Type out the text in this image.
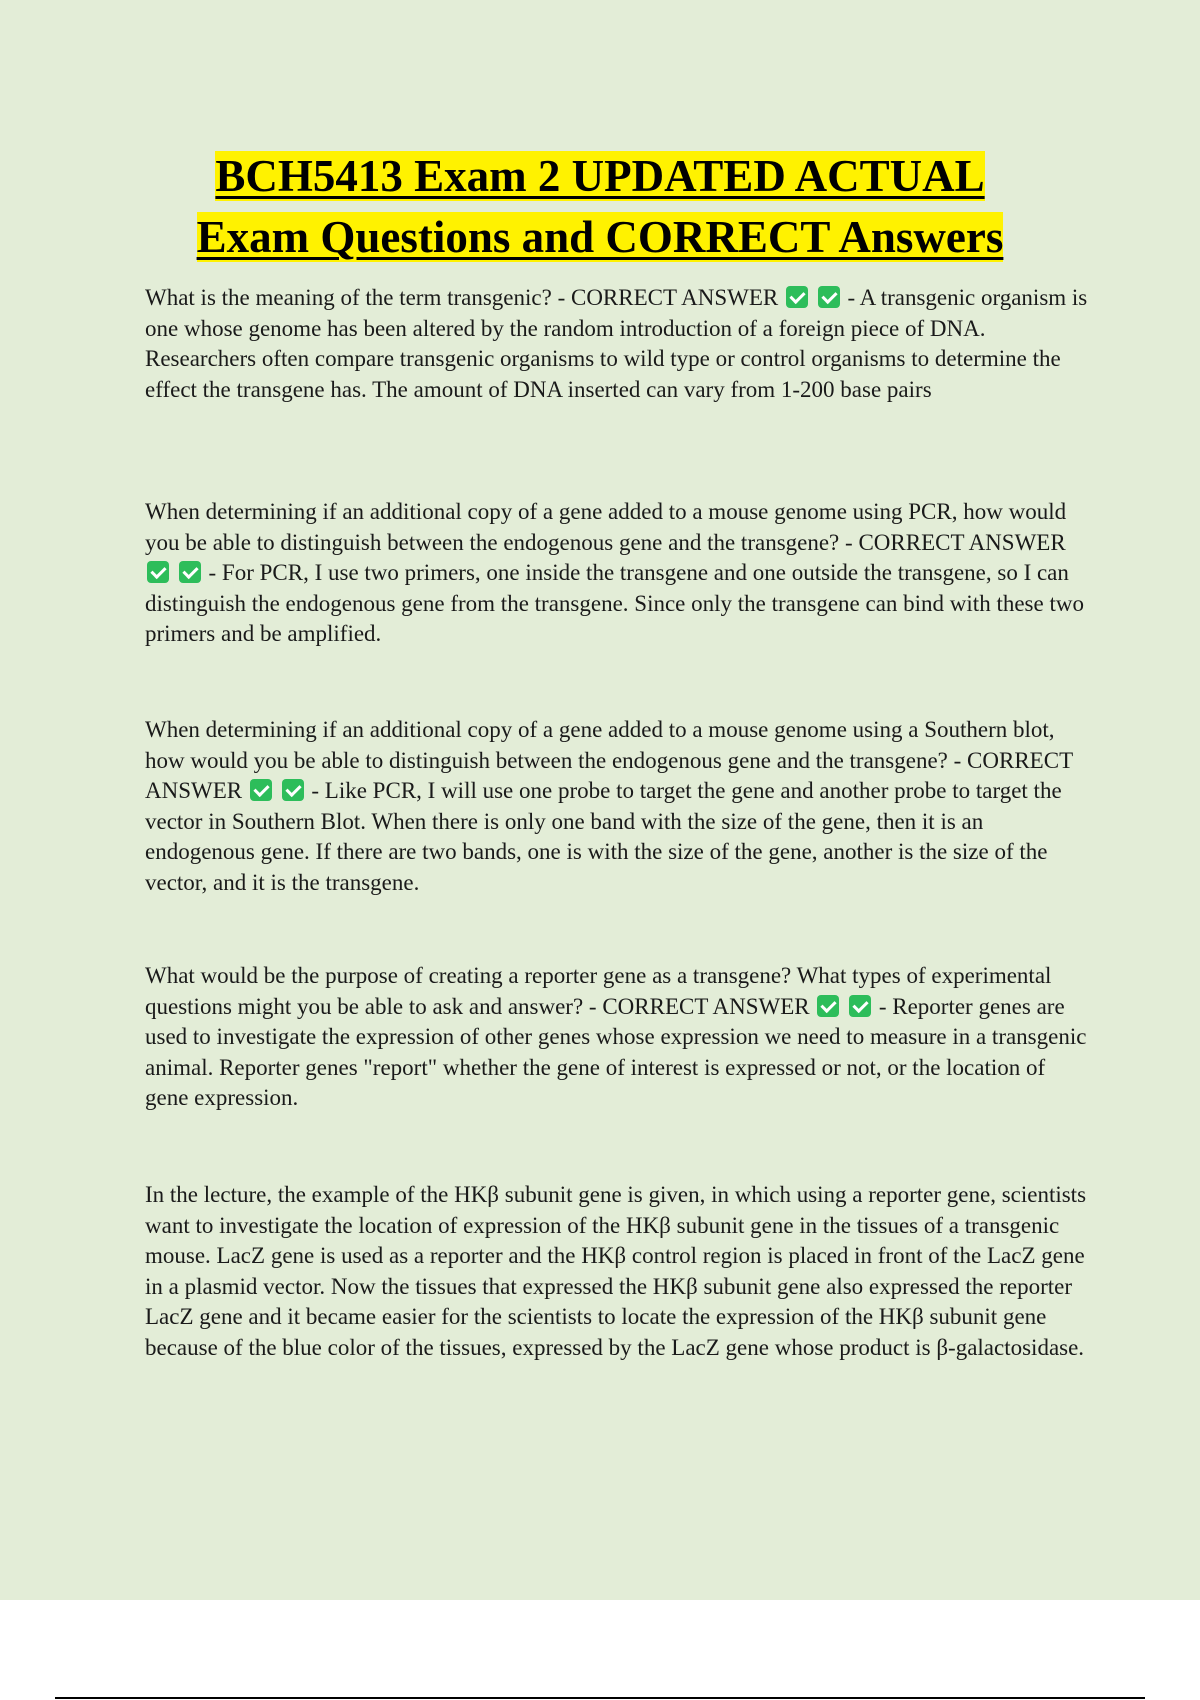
BCH5413 Exam 2 UPDATED ACTUAL
Exam Questions and CORRECT Answers

What is the meaning of the term transgenic? - CORRECT ANSWER	- A transgenic organism is one whose genome has been altered by the random introduction of a foreign piece of DNA. Researchers often compare transgenic organisms to wild type or control organisms to determine the effect the transgene has. The amount of DNA inserted can vary from 1-200 base pairs

When determining if an additional copy of a gene added to a mouse genome using PCR, how would you be able to distinguish between the endogenous gene and the transgene? - CORRECT ANSWER   - For PCR, I use two primers, one inside the transgene and one outside the transgene, so I can distinguish the endogenous gene from the transgene. Since only the transgene can bind with these two primers and be amplified.

When determining if an additional copy of a gene added to a mouse genome using a Southern blot, how would you be able to distinguish between the endogenous gene and the transgene? - CORRECT ANSWER	- Like PCR, I will use one probe to target the gene and another probe to target the vector in Southern Blot. When there is only one band with the size of the gene, then it is an endogenous gene. If there are two bands, one is with the size of the gene, another is the size of the vector, and it is the transgene.

What would be the purpose of creating a reporter gene as a transgene? What types of experimental questions might you be able to ask and answer? - CORRECT ANSWER	- Reporter genes are used to investigate the expression of other genes whose expression we need to measure in a transgenic animal. Reporter genes "report" whether the gene of interest is expressed or not, or the location of gene expression.

In the lecture, the example of the HKβ subunit gene is given, in which using a reporter gene, scientists want to investigate the location of expression of the HKβ subunit gene in the tissues of a transgenic mouse. LacZ gene is used as a reporter and the HKβ control region is placed in front of the LacZ gene in a plasmid vector. Now the tissues that expressed the HKβ subunit gene also expressed the reporter LacZ gene and it became easier for the scientists to locate the expression of the HKβ subunit gene because of the blue color of the tissues, expressed by the LacZ gene whose product is β-galactosidase.
